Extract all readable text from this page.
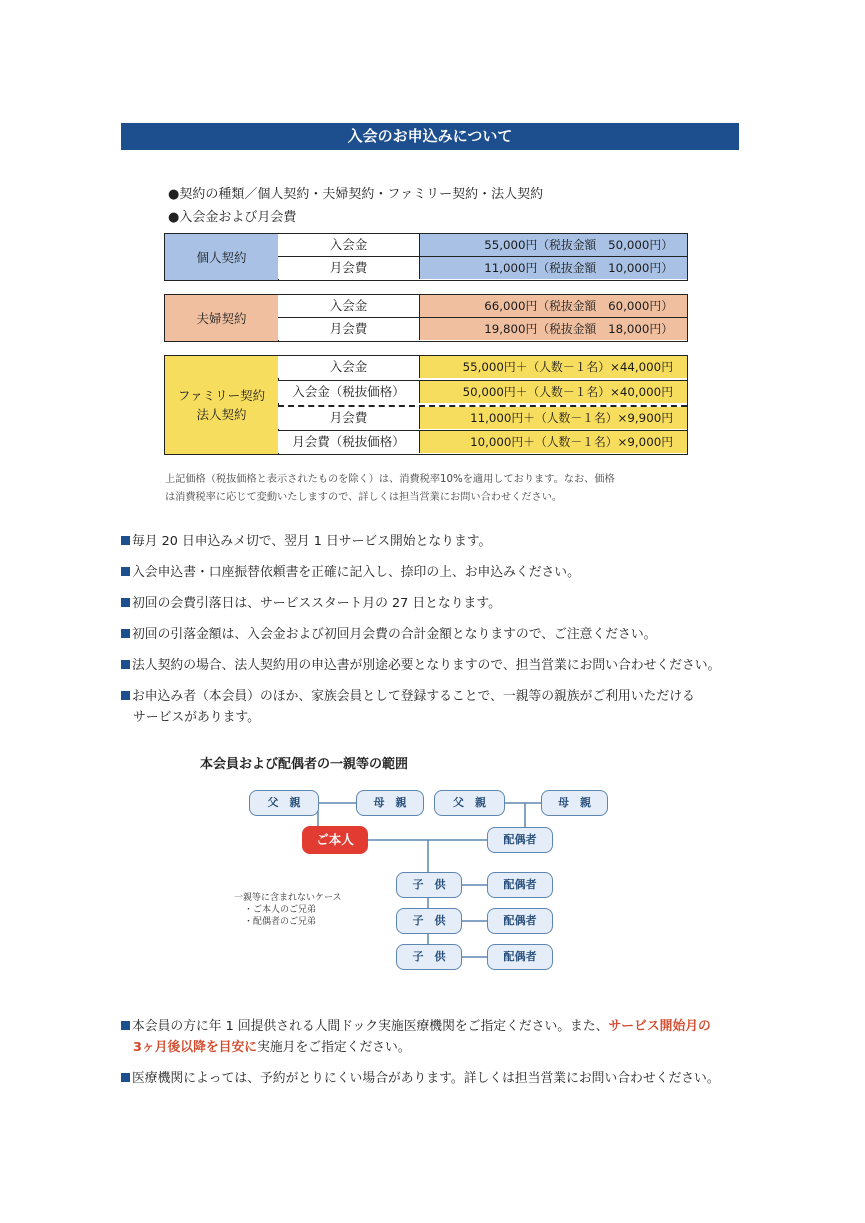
入会のお申込みについて
●契約の種類／個人契約・夫婦契約・ファミリー契約・法人契約
●入会金および月会費
個人契約
入会金	55,000円（税抜金額　50,000円）
月会費	11,000円（税抜金額　10,000円）
夫婦契約
入会金	66,000円（税抜金額　60,000円）
月会費	19,800円（税抜金額　18,000円）
ファミリー契約
法人契約
入会金	55,000円＋（人数－１名）×44,000円
入会金（税抜価格）	50,000円＋（人数－１名）×40,000円
月会費	11,000円＋（人数－１名）×9,900円
月会費（税抜価格）	10,000円＋（人数－１名）×9,000円
上記価格（税抜価格と表示されたものを除く）は、消費税率10%を適用しております。なお、価格
は消費税率に応じて変動いたしますので、詳しくは担当営業にお問い合わせください。
毎月 20 日申込みメ切で、翌月 1 日サービス開始となります。
入会申込書・口座振替依頼書を正確に記入し、捺印の上、お申込みください。
初回の会費引落日は、サービススタート月の 27 日となります。
初回の引落金額は、入会金および初回月会費の合計金額となりますので、ご注意ください。
法人契約の場合、法人契約用の申込書が別途必要となりますので、担当営業にお問い合わせください。
お申込み者（本会員）のほか、家族会員として登録することで、一親等の親族がご利用いただける
サービスがあります。
本会員および配偶者の一親等の範囲
父　親	母　親	父　親	母　親
ご本人	配偶者
子　供	配偶者
子　供	配偶者
子　供	配偶者
一親等に含まれないケース
・ご本人のご兄弟
・配偶者のご兄弟
本会員の方に年 1 回提供される人間ドック実施医療機関をご指定ください。また、サービス開始月の
3ヶ月後以降を目安に実施月をご指定ください。
医療機関によっては、予約がとりにくい場合があります。詳しくは担当営業にお問い合わせください。
